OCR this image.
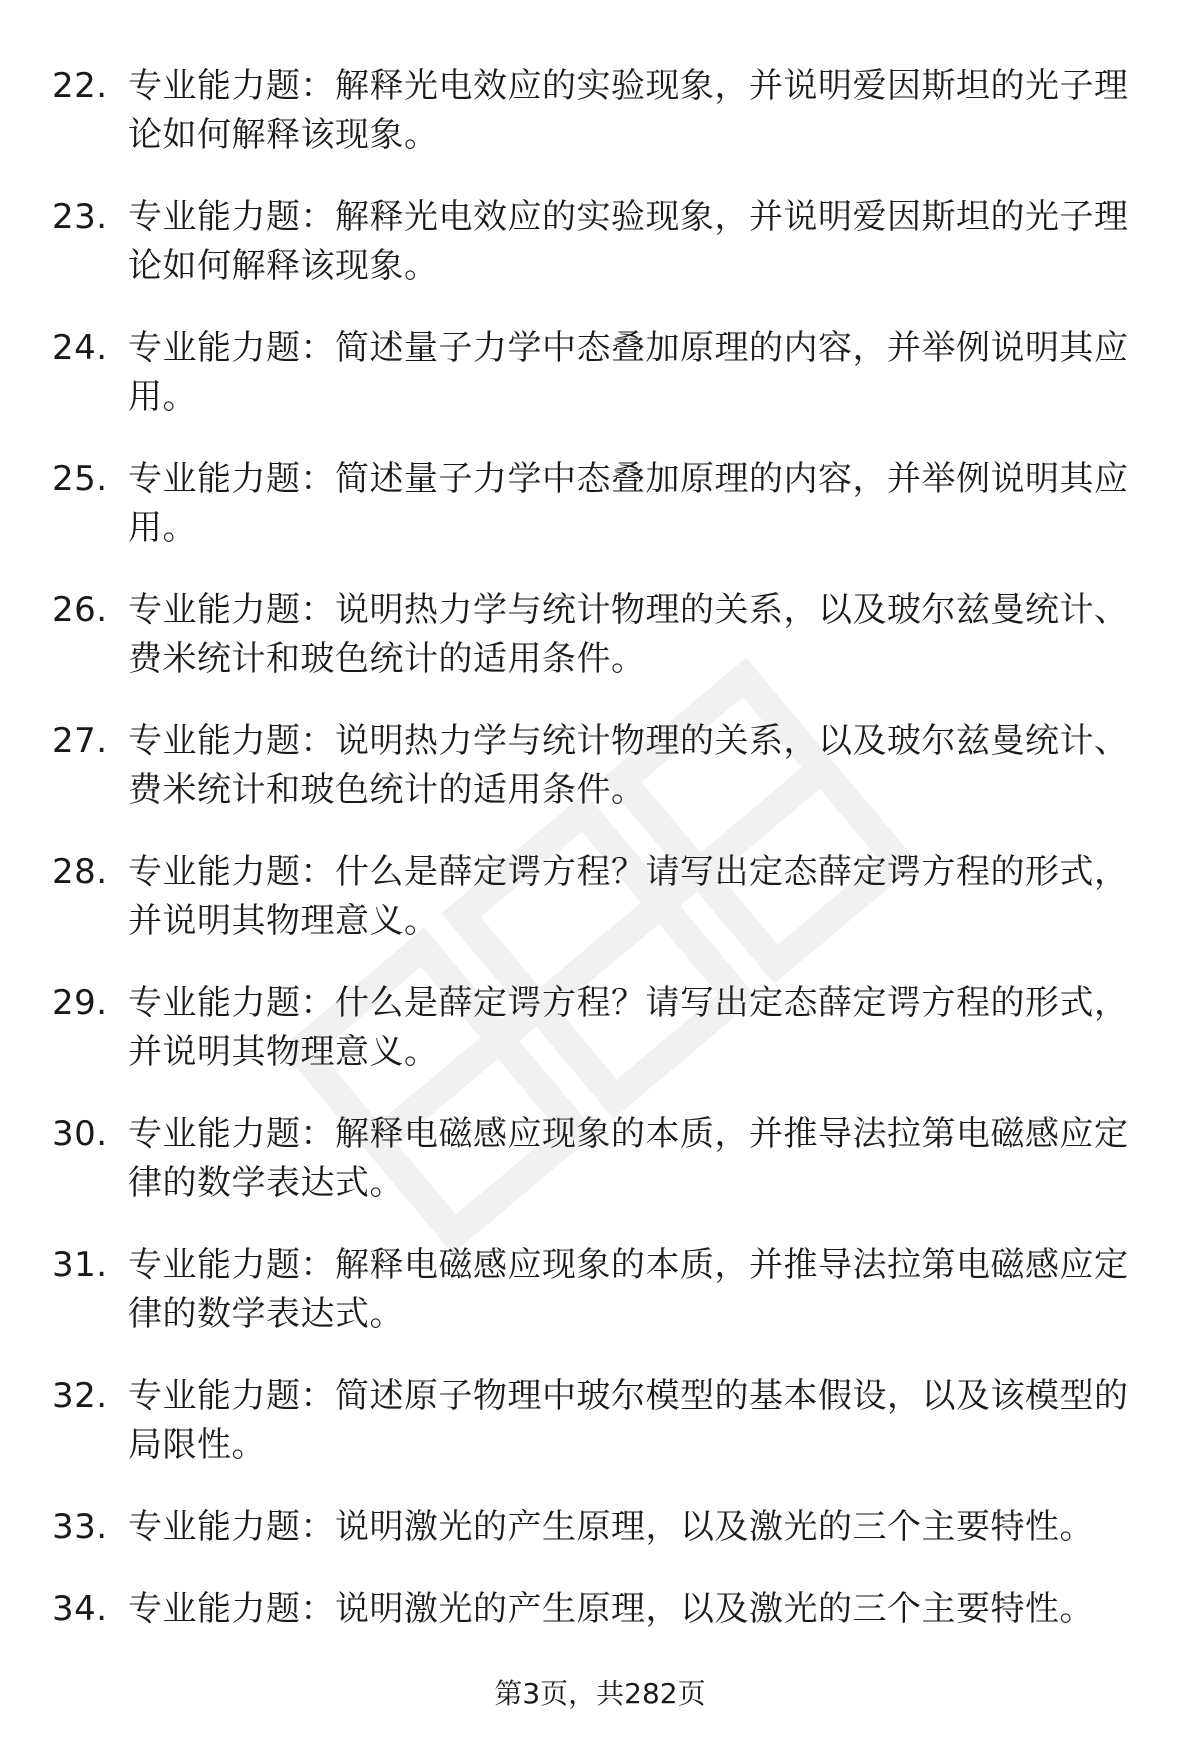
22. 专业能力题：解释光电效应的实验现象，并说明爱因斯坦的光子理论如何解释该现象。
23. 专业能力题：解释光电效应的实验现象，并说明爱因斯坦的光子理论如何解释该现象。
24. 专业能力题：简述量子力学中态叠加原理的内容，并举例说明其应用。
25. 专业能力题：简述量子力学中态叠加原理的内容，并举例说明其应用。
26. 专业能力题：说明热力学与统计物理的关系，以及玻尔兹曼统计、费米统计和玻色统计的适用条件。
27. 专业能力题：说明热力学与统计物理的关系，以及玻尔兹曼统计、费米统计和玻色统计的适用条件。
28. 专业能力题：什么是薛定谔方程？请写出定态薛定谔方程的形式，并说明其物理意义。
29. 专业能力题：什么是薛定谔方程？请写出定态薛定谔方程的形式，并说明其物理意义。
30. 专业能力题：解释电磁感应现象的本质，并推导法拉第电磁感应定律的数学表达式。
31. 专业能力题：解释电磁感应现象的本质，并推导法拉第电磁感应定律的数学表达式。
32. 专业能力题：简述原子物理中玻尔模型的基本假设，以及该模型的局限性。
33. 专业能力题：说明激光的产生原理，以及激光的三个主要特性。
34. 专业能力题：说明激光的产生原理，以及激光的三个主要特性。
第3页，共282页
